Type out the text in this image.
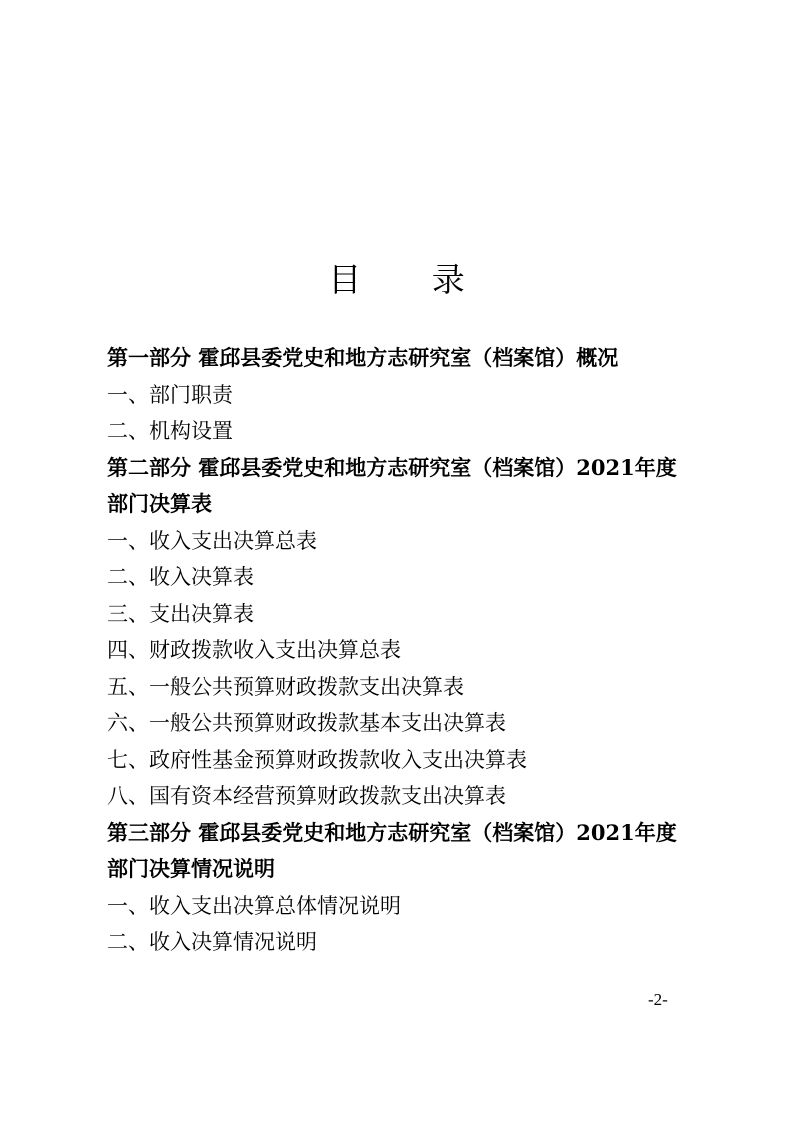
目 录
第一部分 霍邱县委党史和地方志研究室（档案馆）概况
一、部门职责
二、机构设置
第二部分 霍邱县委党史和地方志研究室（档案馆）2021年度部门决算表
一、收入支出决算总表
二、收入决算表
三、支出决算表
四、财政拨款收入支出决算总表
五、一般公共预算财政拨款支出决算表
六、一般公共预算财政拨款基本支出决算表
七、政府性基金预算财政拨款收入支出决算表
八、国有资本经营预算财政拨款支出决算表
第三部分 霍邱县委党史和地方志研究室（档案馆）2021年度部门决算情况说明
一、收入支出决算总体情况说明
二、收入决算情况说明
-2-
